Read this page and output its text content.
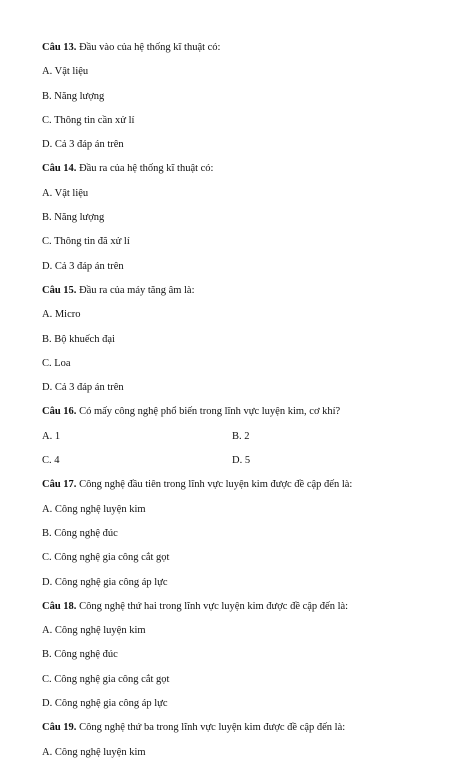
Câu 13. Đầu vào của hệ thống kĩ thuật có:
A. Vật liệu
B. Năng lượng
C. Thông tin cần xử lí
D. Cả 3 đáp án trên
Câu 14. Đầu ra của hệ thống kĩ thuật có:
A. Vật liệu
B. Năng lượng
C. Thông tin đã xử lí
D. Cả 3 đáp án trên
Câu 15. Đầu ra của máy tăng âm là:
A. Micro
B. Bộ khuếch đại
C. Loa
D. Cả 3 đáp án trên
Câu 16. Có mấy công nghệ phổ biến trong lĩnh vực luyện kim, cơ khí?
A. 1	B. 2
C. 4	D. 5
Câu 17. Công nghệ đầu tiên trong lĩnh vực luyện kim được đề cập đến là:
A. Công nghệ luyện kim
B. Công nghệ đúc
C. Công nghệ gia công cắt gọt
D. Công nghệ gia công áp lực
Câu 18. Công nghệ thứ hai trong lĩnh vực luyện kim được đề cập đến là:
A. Công nghệ luyện kim
B. Công nghệ đúc
C. Công nghệ gia công cắt gọt
D. Công nghệ gia công áp lực
Câu 19. Công nghệ thứ ba trong lĩnh vực luyện kim được đề cập đến là:
A. Công nghệ luyện kim
